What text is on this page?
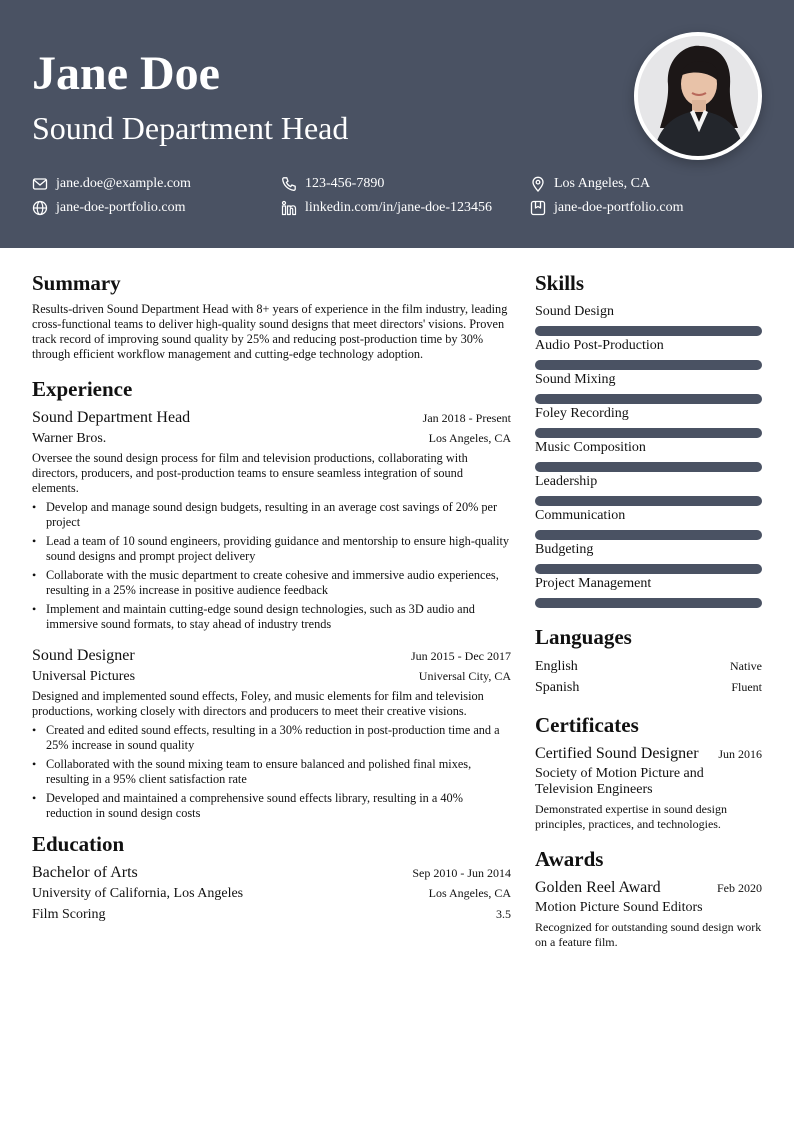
Jane Doe
Sound Department Head
jane.doe@example.com	123-456-7890	Los Angeles, CA
jane-doe-portfolio.com	linkedin.com/in/jane-doe-123456	jane-doe-portfolio.com
Summary
Results-driven Sound Department Head with 8+ years of experience in the film industry, leading cross-functional teams to deliver high-quality sound designs that meet directors' visions. Proven track record of improving sound quality by 25% and reducing post-production time by 30% through efficient workflow management and cutting-edge technology adoption.
Experience
Sound Department Head	Jan 2018 - Present
Warner Bros.	Los Angeles, CA
Oversee the sound design process for film and television productions, collaborating with directors, producers, and post-production teams to ensure seamless integration of sound elements.
• Develop and manage sound design budgets, resulting in an average cost savings of 20% per project
• Lead a team of 10 sound engineers, providing guidance and mentorship to ensure high-quality sound designs and prompt project delivery
• Collaborate with the music department to create cohesive and immersive audio experiences, resulting in a 25% increase in positive audience feedback
• Implement and maintain cutting-edge sound design technologies, such as 3D audio and immersive sound formats, to stay ahead of industry trends
Sound Designer	Jun 2015 - Dec 2017
Universal Pictures	Universal City, CA
Designed and implemented sound effects, Foley, and music elements for film and television productions, working closely with directors and producers to meet their creative visions.
• Created and edited sound effects, resulting in a 30% reduction in post-production time and a 25% increase in sound quality
• Collaborated with the sound mixing team to ensure balanced and polished final mixes, resulting in a 95% client satisfaction rate
• Developed and maintained a comprehensive sound effects library, resulting in a 40% reduction in sound design costs
Education
Bachelor of Arts	Sep 2010 - Jun 2014
University of California, Los Angeles	Los Angeles, CA
Film Scoring	3.5
Skills
Sound Design
Audio Post-Production
Sound Mixing
Foley Recording
Music Composition
Leadership
Communication
Budgeting
Project Management
Languages
English	Native
Spanish	Fluent
Certificates
Certified Sound Designer Jun 2016
Society of Motion Picture and Television Engineers
Demonstrated expertise in sound design principles, practices, and technologies.
Awards
Golden Reel Award	Feb 2020
Motion Picture Sound Editors
Recognized for outstanding sound design work on a feature film.
